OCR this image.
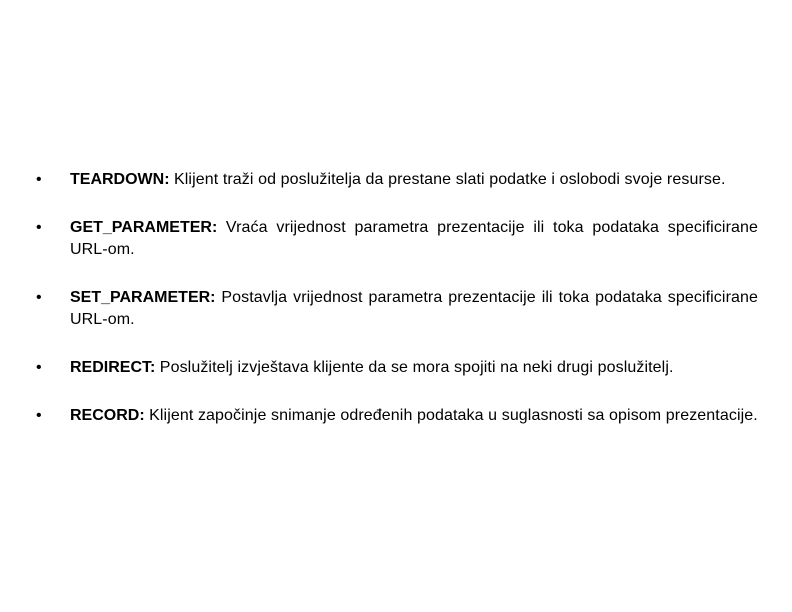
•	TEARDOWN: Klijent traži od poslužitelja da prestane slati podatke i oslobodi svoje resurse.
•	GET_PARAMETER: Vraća vrijednost parametra prezentacije ili toka podataka specificirane URL-om.
•	SET_PARAMETER: Postavlja vrijednost parametra prezentacije ili toka podataka specificirane URL-om.
•	REDIRECT: Poslužitelj izvještava klijente da se mora spojiti na neki drugi poslužitelj.
•	RECORD: Klijent započinje snimanje određenih podataka u suglasnosti sa opisom prezentacije.
